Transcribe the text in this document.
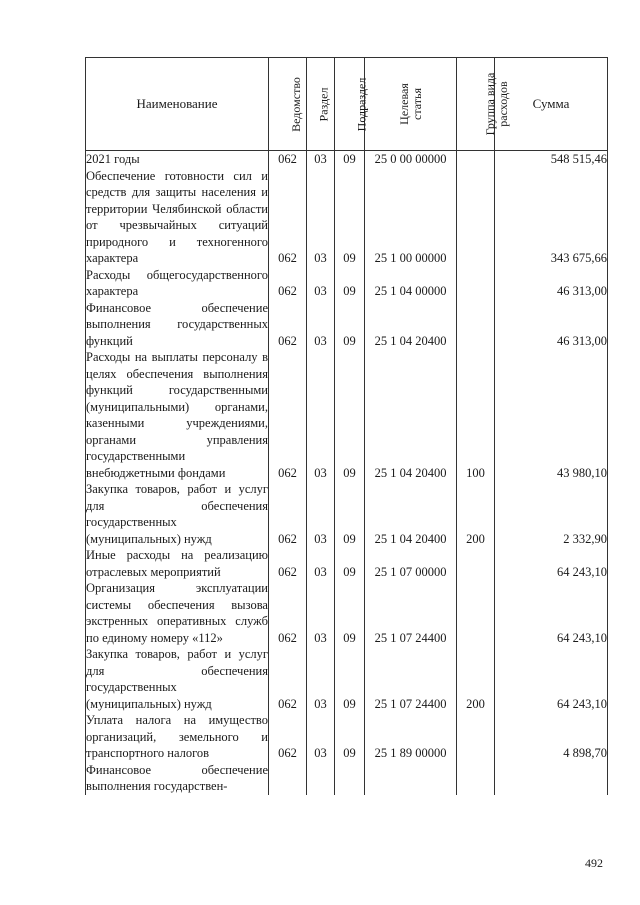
Наименование	Ведомство	Раздел	Подраздел	Целевая статья	Группа вида расходов	Сумма
2021 годы	062	03	09	25 0 00 00000		548 515,46
Обеспечение готовности сил и средств для защиты населения и территории Челябинской области от чрезвычайных ситуаций природного и техногенного характера	062	03	09	25 1 00 00000		343 675,66
Расходы общегосударственного характера	062	03	09	25 1 04 00000		46 313,00
Финансовое обеспечение выполнения государственных функций	062	03	09	25 1 04 20400		46 313,00
Расходы на выплаты персоналу в целях обеспечения выполнения функций государственными (муниципальными) органами, казенными учреждениями, органами управления государственными внебюджетными фондами	062	03	09	25 1 04 20400	100	43 980,10
Закупка товаров, работ и услуг для обеспечения государственных (муниципальных) нужд	062	03	09	25 1 04 20400	200	2 332,90
Иные расходы на реализацию отраслевых мероприятий	062	03	09	25 1 07 00000		64 243,10
Организация эксплуатации системы обеспечения вызова экстренных оперативных служб по единому номеру «112»	062	03	09	25 1 07 24400		64 243,10
Закупка товаров, работ и услуг для обеспечения государственных (муниципальных) нужд	062	03	09	25 1 07 24400	200	64 243,10
Уплата налога на имущество организаций, земельного и транспортного налогов	062	03	09	25 1 89 00000		4 898,70
Финансовое обеспечение выполнения государствен-						
492
